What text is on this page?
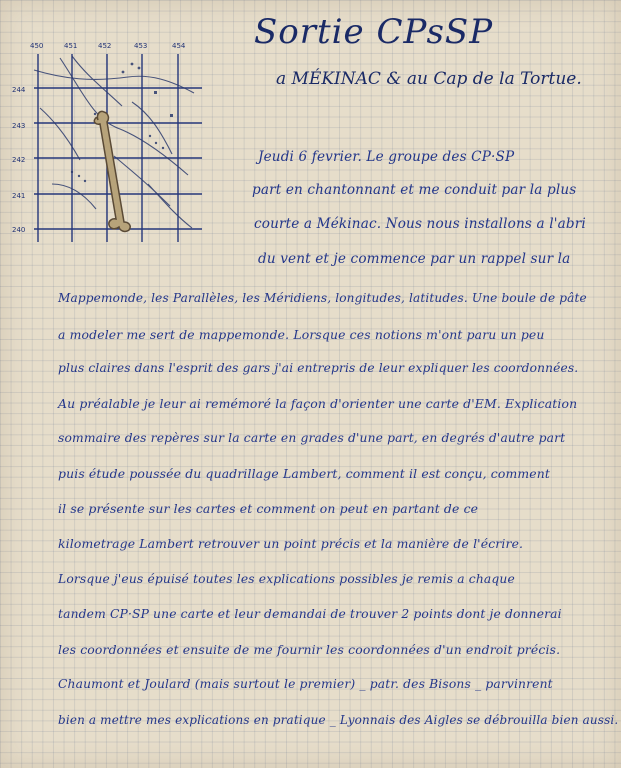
450	451	452	453	454
244
243
242
241
240
Sortie CPsSP
a MÉKINAC & au Cap de la Tortue.
Jeudi 6 fevrier. Le groupe des CP·SP
part en chantonnant et me conduit par la plus
courte a Mékinac. Nous nous installons a l'abri
du vent et je commence par un rappel sur la
Mappemonde, les Parallèles, les Méridiens, longitudes, latitudes. Une boule de pâte
a modeler me sert de mappemonde. Lorsque ces notions m'ont paru un peu
plus claires dans l'esprit des gars j'ai entrepris de leur expliquer les coordonnées.
Au préalable je leur ai remémoré la façon d'orienter une carte d'EM. Explication
sommaire des repères sur la carte en grades d'une part, en degrés d'autre part
puis étude poussée du quadrillage Lambert, comment il est conçu, comment
il se présente sur les cartes et comment on peut en partant de ce
kilometrage Lambert retrouver un point précis et la manière de l'écrire.
Lorsque j'eus épuisé toutes les explications possibles je remis a chaque
tandem CP·SP une carte et leur demandai de trouver 2 points dont je donnerai
les coordonnées et ensuite de me fournir les coordonnées d'un endroit précis.
Chaumont et Joulard (mais surtout le premier) _ patr. des Bisons _ parvinrent
bien a mettre mes explications en pratique _ Lyonnais des Aigles se débrouilla bien aussi.
